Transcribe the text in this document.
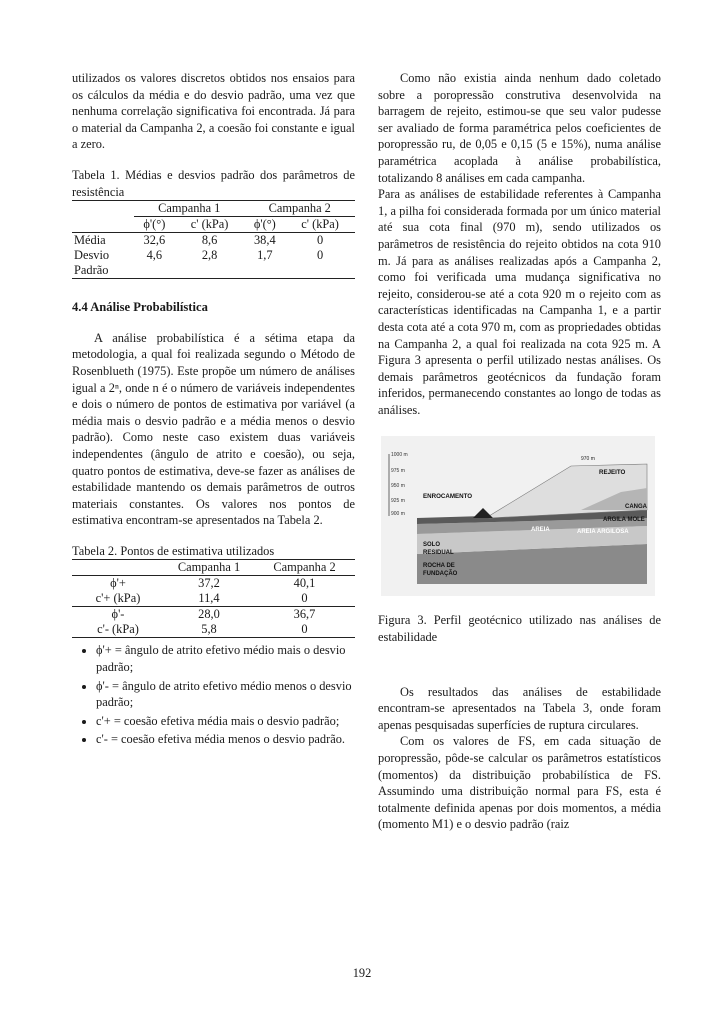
utilizados os valores discretos obtidos nos ensaios para os cálculos da média e do desvio padrão, uma vez que nenhuma correlação significativa foi encontrada. Já para o material da Campanha 2, a coesão foi constante e igual a zero.

Tabela 1. Médias e desvios padrão dos parâmetros de resistência

	Campanha 1		Campanha 2	
	ϕ'(°)	c' (kPa)	ϕ'(°)	c' (kPa)
Média	32,6	8,6	38,4	0
Desvio Padrão	4,6	2,8	1,7	0
4.4 Análise Probabilística

A análise probabilística é a sétima etapa da metodologia, a qual foi realizada segundo o Método de Rosenblueth (1975). Este propõe um número de análises igual a 2ⁿ, onde n é o número de variáveis independentes e dois o número de pontos de estimativa por variável (a média mais o desvio padrão e a média menos o desvio padrão). Como neste caso existem duas variáveis independentes (ângulo de atrito e coesão), ou seja, quatro pontos de estimativa, deve-se fazer as análises de estabilidade mantendo os demais parâmetros de outros materiais constantes. Os valores nos pontos de estimativa encontram-se apresentados na Tabela 2.

Tabela 2. Pontos de estimativa utilizados

	Campanha 1	Campanha 2
ϕ'+	37,2	40,1
c'+ (kPa)	11,4	0
ϕ'-	28,0	36,7
c'- (kPa)	5,8	0
• ϕ'+ = ângulo de atrito efetivo médio mais o desvio padrão;
• ϕ'- = ângulo de atrito efetivo médio menos o desvio padrão;
• c'+ = coesão efetiva média mais o desvio padrão;
• c'- = coesão efetiva média menos o desvio padrão.

Como não existia ainda nenhum dado coletado sobre a poropressão construtiva desenvolvida na barragem de rejeito, estimou-se que seu valor pudesse ser avaliado de forma paramétrica pelos coeficientes de poropressão ru, de 0,05 e 0,15 (5 e 15%), numa análise paramétrica acoplada à análise probabilística, totalizando 8 análises em cada campanha.

Para as análises de estabilidade referentes à Campanha 1, a pilha foi considerada formada por um único material até sua cota final (970 m), sendo utilizados os parâmetros de resistência do rejeito obtidos na cota 910 m. Já para as análises realizadas após a Campanha 2, como foi verificada uma mudança significativa no rejeito, considerou-se até a cota 920 m o rejeito com as características identificadas na Campanha 1, e a partir desta cota até a cota 970 m, com as propriedades obtidas na Campanha 2, a qual foi realizada na cota 925 m. A Figura 3 apresenta o perfil utilizado nestas análises. Os demais parâmetros geotécnicos da fundação foram inferidos, permanecendo constantes ao longo de todas as análises.

1000 m
975 m
950 m
925 m
900 m
ENROCAMENTO
970 m
REJEITO
CANGA
ARGILA MOLE
AREIA	AREIA ARGILOSA
SOLO
RESIDUAL
ROCHA DE
FUNDAÇÃO

Figura 3. Perfil geotécnico utilizado nas análises de estabilidade

Os resultados das análises de estabilidade encontram-se apresentados na Tabela 3, onde foram apenas pesquisadas superfícies de ruptura circulares.

Com os valores de FS, em cada situação de poropressão, pôde-se calcular os parâmetros estatísticos (momentos) da distribuição probabilística de FS. Assumindo uma distribuição normal para FS, esta é totalmente definida apenas por dois momentos, a média (momento M1) e o desvio padrão (raiz

192
